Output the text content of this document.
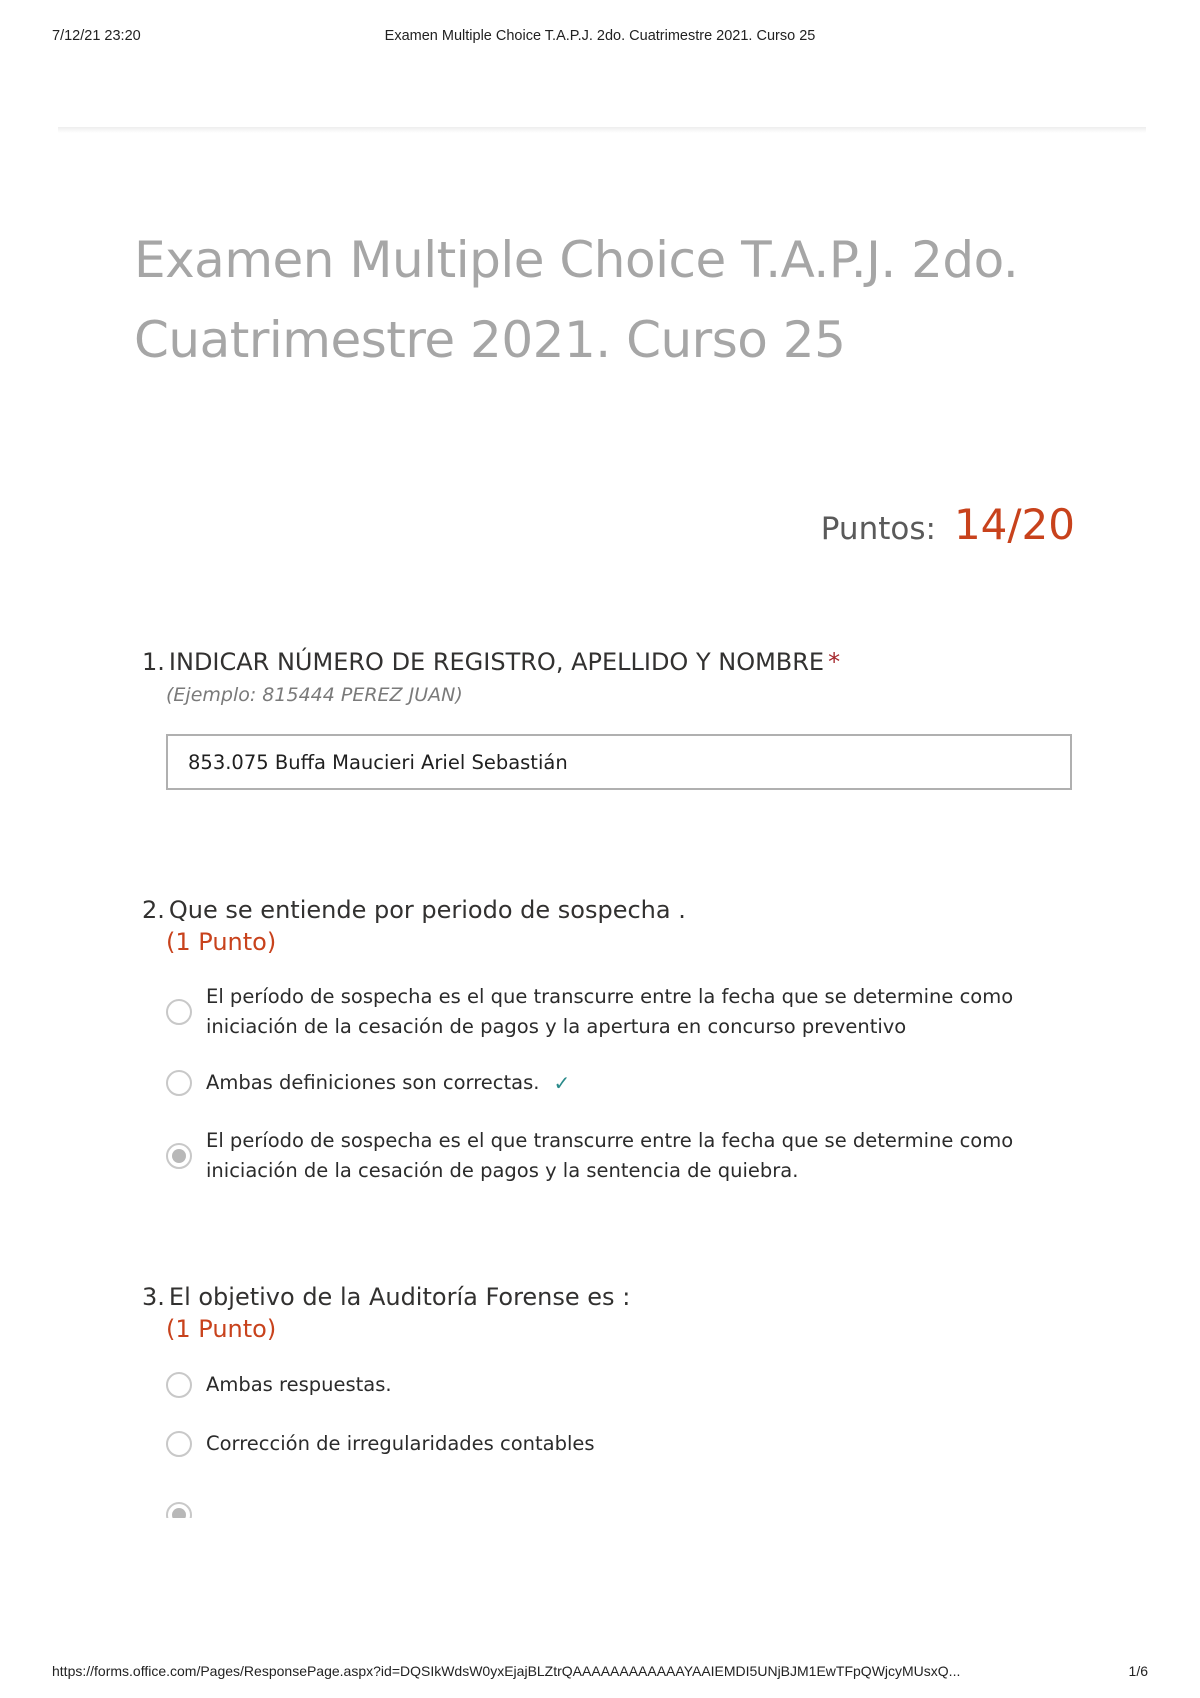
7/12/21 23:20	Examen Multiple Choice T.A.P.J. 2do. Cuatrimestre 2021. Curso 25
Examen Multiple Choice T.A.P.J. 2do. Cuatrimestre 2021. Curso 25
Puntos: 14/20
1. INDICAR NÚMERO DE REGISTRO, APELLIDO Y NOMBRE *
(Ejemplo: 815444 PEREZ JUAN)
853.075 Buffa Maucieri Ariel Sebastián
2. Que se entiende por periodo de sospecha .
(1 Punto)
El período de sospecha es el que transcurre entre la fecha que se determine como iniciación de la cesación de pagos y la apertura en concurso preventivo
Ambas definiciones son correctas. ✓
El período de sospecha es el que transcurre entre la fecha que se determine como iniciación de la cesación de pagos y la sentencia de quiebra.
3. El objetivo de la Auditoría Forense es :
(1 Punto)
Ambas respuestas.
Corrección de irregularidades contables
https://forms.office.com/Pages/ResponsePage.aspx?id=DQSIkWdsW0yxEjajBLZtrQAAAAAAAAAAAAYAAIEMDI5UNjBJM1EwTFpQWjcyMUsxQ...	1/6
